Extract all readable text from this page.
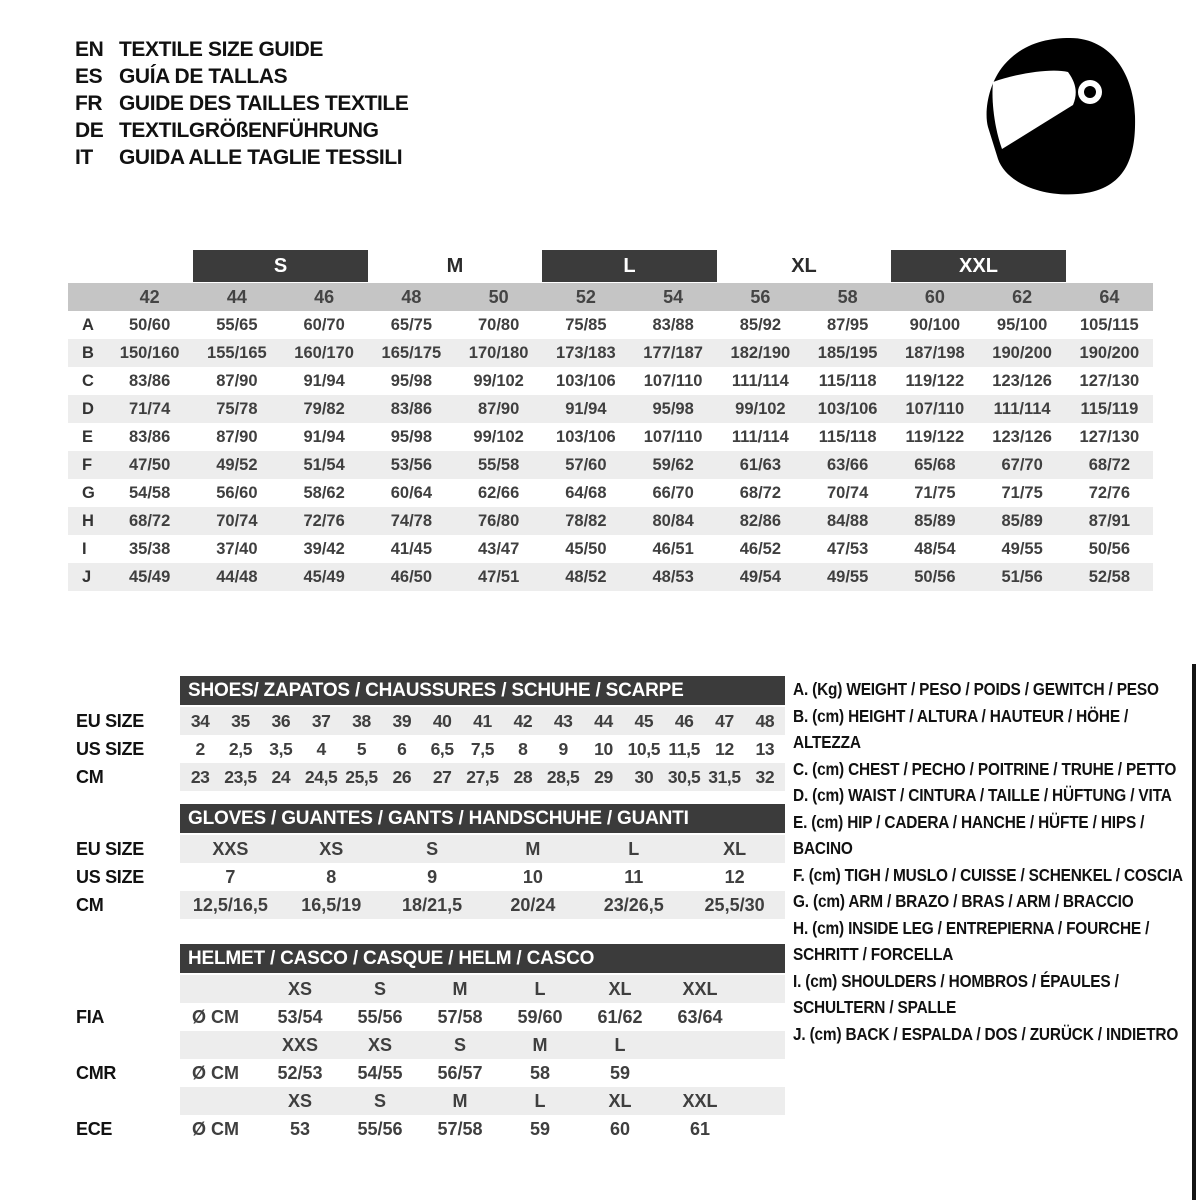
EN TEXTILE SIZE GUIDE
ES GUÍA DE TALLAS
FR GUIDE DES TAILLES TEXTILE
DE TEXTILGRÖßENFÜHRUNG
IT	GUIDA ALLE TAGLIE TESSILI
S	M	L	XL	XXL
42	44	46	48	50	52	54	56	58	60	62	64
A	50/60	55/65	60/70	65/75	70/80	75/85	83/88	85/92	87/95	90/100	95/100	105/115
B	150/160	155/165	160/170	165/175	170/180	173/183	177/187	182/190	185/195	187/198	190/200	190/200
C	83/86	87/90	91/94	95/98	99/102	103/106	107/110	111/114	115/118	119/122	123/126	127/130
D	71/74	75/78	79/82	83/86	87/90	91/94	95/98	99/102	103/106	107/110	111/114	115/119
E	83/86	87/90	91/94	95/98	99/102	103/106	107/110	111/114	115/118	119/122	123/126	127/130
F	47/50	49/52	51/54	53/56	55/58	57/60	59/62	61/63	63/66	65/68	67/70	68/72
G	54/58	56/60	58/62	60/64	62/66	64/68	66/70	68/72	70/74	71/75	71/75	72/76
H	68/72	70/74	72/76	74/78	76/80	78/82	80/84	82/86	84/88	85/89	85/89	87/91
I	35/38	37/40	39/42	41/45	43/47	45/50	46/51	46/52	47/53	48/54	49/55	50/56
J	45/49	44/48	45/49	46/50	47/51	48/52	48/53	49/54	49/55	50/56	51/56	52/58
SHOES/ ZAPATOS / CHAUSSURES / SCHUHE / SCARPE
EU SIZE	34	35	36	37	38	39	40	41	42	43	44	45	46	47	48
US SIZE	2	2,5 3,5	4	5	6	6,5 7,5	8	9	10 10,5 11,5 12	13
CM	23 23,5 24 24,5 25,5 26	27 27,5 28 28,5 29	30 30,5 31,5 32
GLOVES / GUANTES / GANTS / HANDSCHUHE / GUANTI
EU SIZE	XXS	XS	S	M	L	XL
US SIZE	7	8	9	10	11	12
CM	12,5/16,5	16,5/19	18/21,5	20/24	23/26,5	25,5/30
HELMET / CASCO / CASQUE / HELM / CASCO
XS	S	M	L	XL	XXL
FIA	Ø CM	53/54	55/56	57/58	59/60	61/62	63/64
XXS	XS	S	M	L
CMR	Ø CM	52/53	54/55	56/57	58	59
XS	S	M	L	XL	XXL
ECE	Ø CM	53	55/56	57/58	59	60	61
A. (Kg) WEIGHT / PESO / POIDS / GEWITCH / PESO
B. (cm) HEIGHT / ALTURA / HAUTEUR / HÖHE / ALTEZZA
C. (cm) CHEST / PECHO / POITRINE / TRUHE / PETTO
D. (cm) WAIST / CINTURA / TAILLE / HÜFTUNG / VITA
E. (cm) HIP / CADERA / HANCHE / HÜFTE / HIPS / BACINO
F. (cm) TIGH / MUSLO / CUISSE / SCHENKEL / COSCIA
G. (cm) ARM / BRAZO / BRAS / ARM / BRACCIO
H. (cm) INSIDE LEG / ENTREPIERNA / FOURCHE / SCHRITT / FORCELLA
I. (cm) SHOULDERS / HOMBROS / ÉPAULES / SCHULTERN / SPALLE
J. (cm) BACK / ESPALDA / DOS / ZURÜCK / INDIETRO
